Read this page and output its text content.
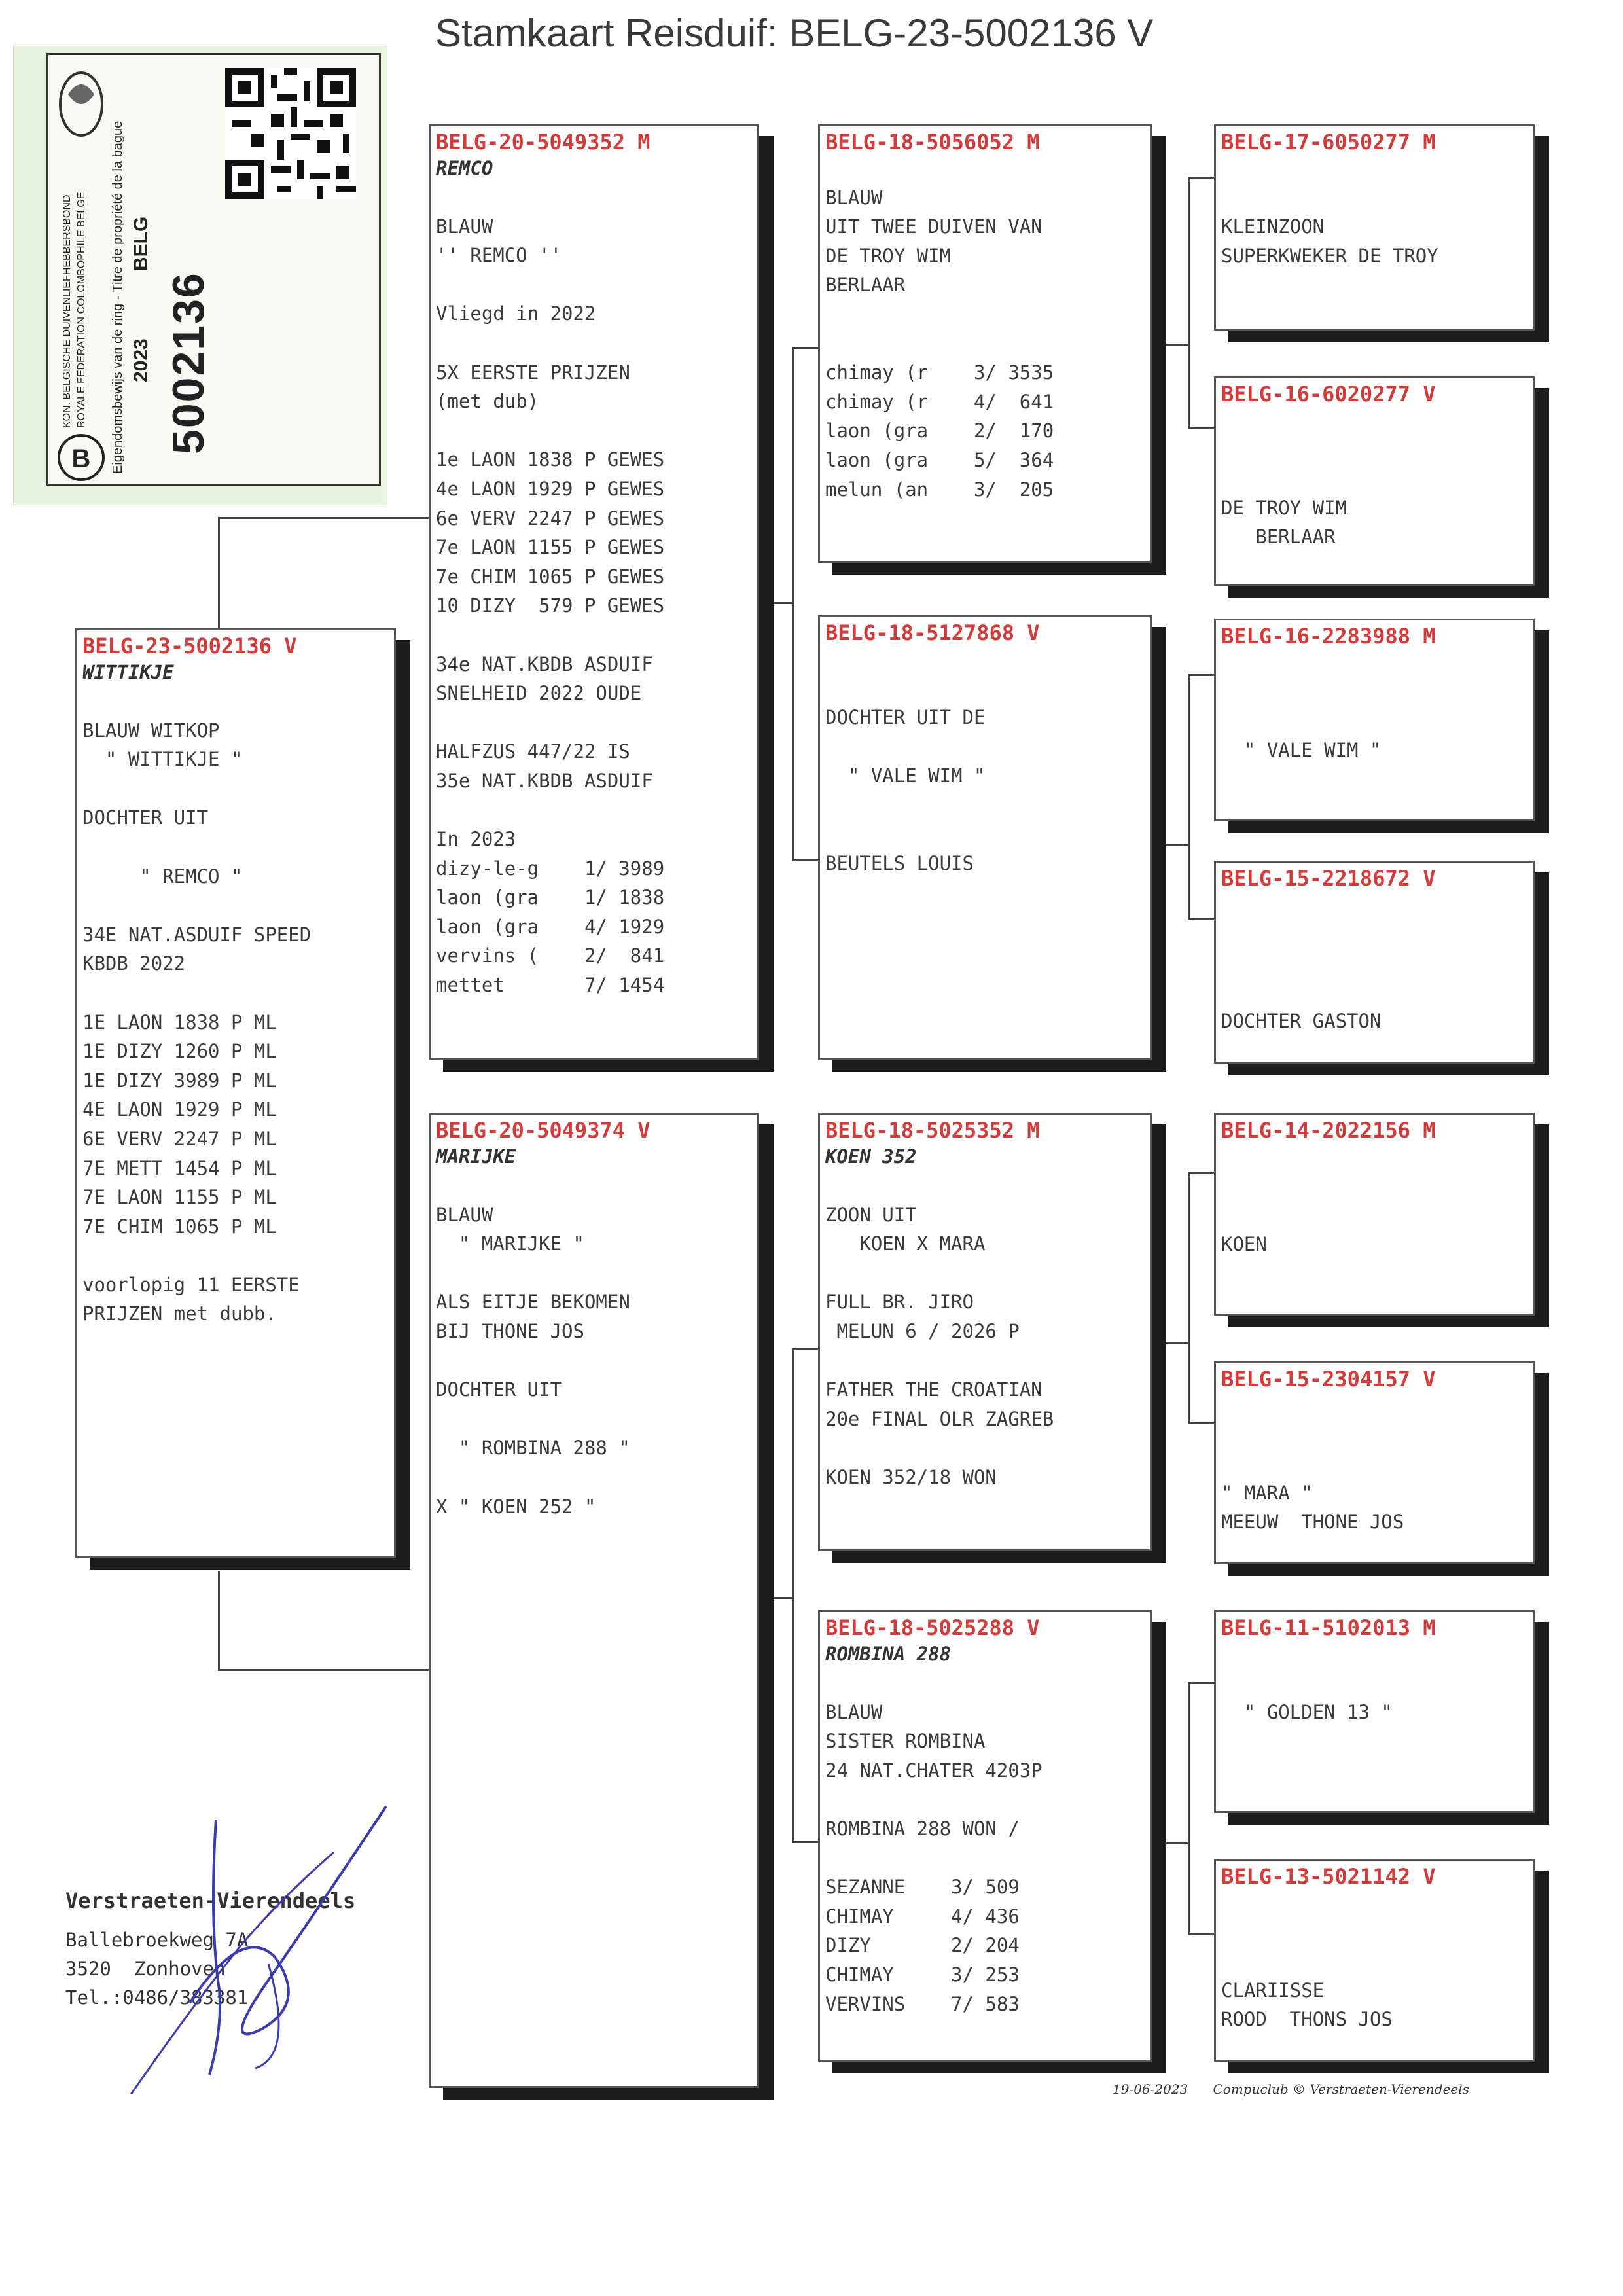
Stamkaart Reisduif: BELG-23-5002136 V
B
KON. BELGISCHE DUIVENLIEFHEBBERSBOND ROYALE FEDERATION COLOMBOPHILE BELGE Eigendomsbewijs van de ring - Titre de propriété de la bague 2023
BELG
5002136
BELG-23-5002136 V
WITTIKJE
BLAUW WITKOP
" WITTIKJE "
DOCHTER UIT
" REMCO "
34E NAT.ASDUIF SPEED
KBDB 2022
1E LAON 1838 P ML
1E DIZY 1260 P ML
1E DIZY 3989 P ML
4E LAON 1929 P ML
6E VERV 2247 P ML
7E METT 1454 P ML
7E LAON 1155 P ML
7E CHIM 1065 P ML
voorlopig 11 EERSTE
PRIJZEN met dubb.
BELG-20-5049352 M
REMCO
BLAUW
'' REMCO ''
Vliegd in 2022
5X EERSTE PRIJZEN
(met dub)
1e LAON 1838 P GEWES
4e LAON 1929 P GEWES
6e VERV 2247 P GEWES
7e LAON 1155 P GEWES
7e CHIM 1065 P GEWES
10 DIZY  579 P GEWES
34e NAT.KBDB ASDUIF
SNELHEID 2022 OUDE
HALFZUS 447/22 IS
35e NAT.KBDB ASDUIF
In 2023
dizy-le-g    1/ 3989
laon (gra    1/ 1838
laon (gra    4/ 1929
vervins (    2/  841
mettet       7/ 1454
BELG-20-5049374 V
MARIJKE
BLAUW
" MARIJKE "
ALS EITJE BEKOMEN
BIJ THONE JOS
DOCHTER UIT
" ROMBINA 288 "
X " KOEN 252 "
BELG-18-5056052 M
BLAUW
UIT TWEE DUIVEN VAN
DE TROY WIM
BERLAAR
chimay (r    3/ 3535
chimay (r    4/  641
laon (gra    2/  170
laon (gra    5/  364
melun (an    3/  205
BELG-18-5127868 V
DOCHTER UIT DE
" VALE WIM "
BEUTELS LOUIS
BELG-18-5025352 M
KOEN 352
ZOON UIT
KOEN X MARA
FULL BR. JIRO
MELUN 6 / 2026 P
FATHER THE CROATIAN
20e FINAL OLR ZAGREB
KOEN 352/18 WON
BELG-18-5025288 V
ROMBINA 288
BLAUW
SISTER ROMBINA
24 NAT.CHATER 4203P
ROMBINA 288 WON /
SEZANNE    3/ 509
CHIMAY     4/ 436
DIZY       2/ 204
CHIMAY     3/ 253
VERVINS    7/ 583
BELG-17-6050277 M
KLEINZOON
SUPERKWEKER DE TROY
BELG-16-6020277 V
DE TROY WIM
BERLAAR
BELG-16-2283988 M
" VALE WIM "
BELG-15-2218672 V
DOCHTER GASTON
BELG-14-2022156 M
KOEN
BELG-15-2304157 V
" MARA "
MEEUW  THONE JOS
BELG-11-5102013 M
" GOLDEN 13 "
BELG-13-5021142 V
CLARIISSE
ROOD  THONS JOS
Verstraeten-Vierendeels
Ballebroekweg 7A
3520  Zonhoven
Tel.:0486/383381
19-06-2023 Compuclub © Verstraeten-Vierendeels
